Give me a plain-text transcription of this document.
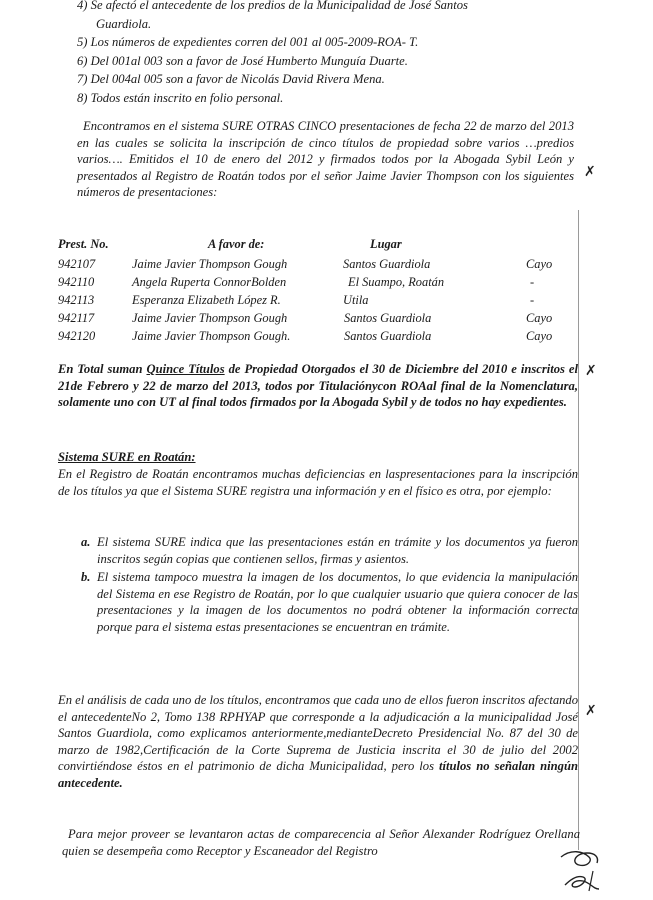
4) Se afectó el antecedente de los predios de la Municipalidad de José Santos
Guardiola.
5) Los números de expedientes corren del 001 al 005-2009-ROA- T.
6) Del 001al 003 son a favor de José Humberto Munguía Duarte.
7) Del 004al 005 son a favor de Nicolás David Rivera Mena.
8) Todos están inscrito en folio personal.

Encontramos en el sistema SURE OTRAS CINCO presentaciones de fecha 22 de marzo del 2013 en las cuales se solicita la inscripción de cinco títulos de propiedad sobre varios …predios varios…. Emitidos el 10 de enero del 2012 y firmados todos por la Abogada Sybil León y presentados al Registro de Roatán todos por el señor Jaime Javier Thompson con los siguientes números de presentaciones:

Prest. No.	A favor de:	Lugar
942107	Jaime Javier Thompson Gough	Santos Guardiola	Cayo
942110	Angela Ruperta ConnorBolden	El Suampo, Roatán	-
942113	Esperanza Elizabeth López R.	Utila	-
942117	Jaime Javier Thompson Gough	Santos Guardiola	Cayo
942120	Jaime Javier Thompson Gough.	Santos Guardiola	Cayo

En Total suman Quince Títulos de Propiedad Otorgados el 30 de Diciembre del 2010 e inscritos el 21de Febrero y 22 de marzo del 2013, todos por Titulaciónycon ROAal final de la Nomenclatura, solamente uno con UT al final todos firmados por la Abogada Sybil y de todos no hay expedientes.

Sistema SURE en Roatán:

En el Registro de Roatán encontramos muchas deficiencias en laspresentaciones para la inscripción de los títulos ya que el Sistema SURE registra una información y en el físico es otra, por ejemplo:

a. El sistema SURE indica que las presentaciones están en trámite y los documentos ya fueron inscritos según copias que contienen sellos, firmas y asientos.

b. El sistema tampoco muestra la imagen de los documentos, lo que evidencia la manipulación del Sistema en ese Registro de Roatán, por lo que cualquier usuario que quiera conocer de las presentaciones y la imagen de los documentos no podrá obtener la información correcta porque para el sistema estas presentaciones se encuentran en trámite.

En el análisis de cada uno de los títulos, encontramos que cada uno de ellos fueron inscritos afectando el antecedenteNo 2, Tomo 138 RPHYAP que corresponde a la adjudicación a la municipalidad José Santos Guardiola, como explicamos anteriormente,medianteDecreto Presidencial No. 87 del 30 de marzo de 1982,Certificación de la Corte Suprema de Justicia inscrita el 30 de julio del 2002 convirtiéndose éstos en el patrimonio de dicha Municipalidad, pero los títulos no señalan ningún antecedente.

Para mejor proveer se levantaron actas de comparecencia al Señor Alexander Rodríguez Orellana quien se desempeña como Receptor y Escaneador del Registro

✗
✗
✗
